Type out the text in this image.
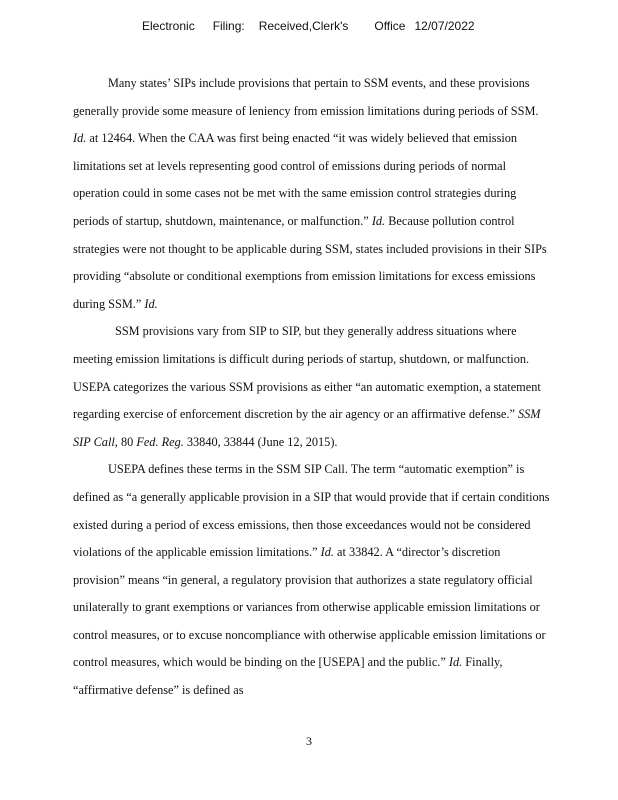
Electronic Filing: Received,Clerk's Office 12/07/2022
Many states’ SIPs include provisions that pertain to SSM events, and these provisions
generally provide some measure of leniency from emission limitations during periods of SSM.
Id. at 12464. When the CAA was first being enacted “it was widely believed that emission
limitations set at levels representing good control of emissions during periods of normal
operation could in some cases not be met with the same emission control strategies during
periods of startup, shutdown, maintenance, or malfunction.” Id. Because pollution control
strategies were not thought to be applicable during SSM, states included provisions in their SIPs
providing “absolute or conditional exemptions from emission limitations for excess emissions
during SSM.” Id.
SSM provisions vary from SIP to SIP, but they generally address situations where
meeting emission limitations is difficult during periods of startup, shutdown, or malfunction.
USEPA categorizes the various SSM provisions as either “an automatic exemption, a statement
regarding exercise of enforcement discretion by the air agency or an affirmative defense.” SSM
SIP Call, 80 Fed. Reg. 33840, 33844 (June 12, 2015).
USEPA defines these terms in the SSM SIP Call. The term “automatic exemption” is
defined as “a generally applicable provision in a SIP that would provide that if certain conditions
existed during a period of excess emissions, then those exceedances would not be considered
violations of the applicable emission limitations.” Id. at 33842. A “director’s discretion
provision” means “in general, a regulatory provision that authorizes a state regulatory official
unilaterally to grant exemptions or variances from otherwise applicable emission limitations or
control measures, or to excuse noncompliance with otherwise applicable emission limitations or
control measures, which would be binding on the [USEPA] and the public.” Id. Finally,
“affirmative defense” is defined as
3
